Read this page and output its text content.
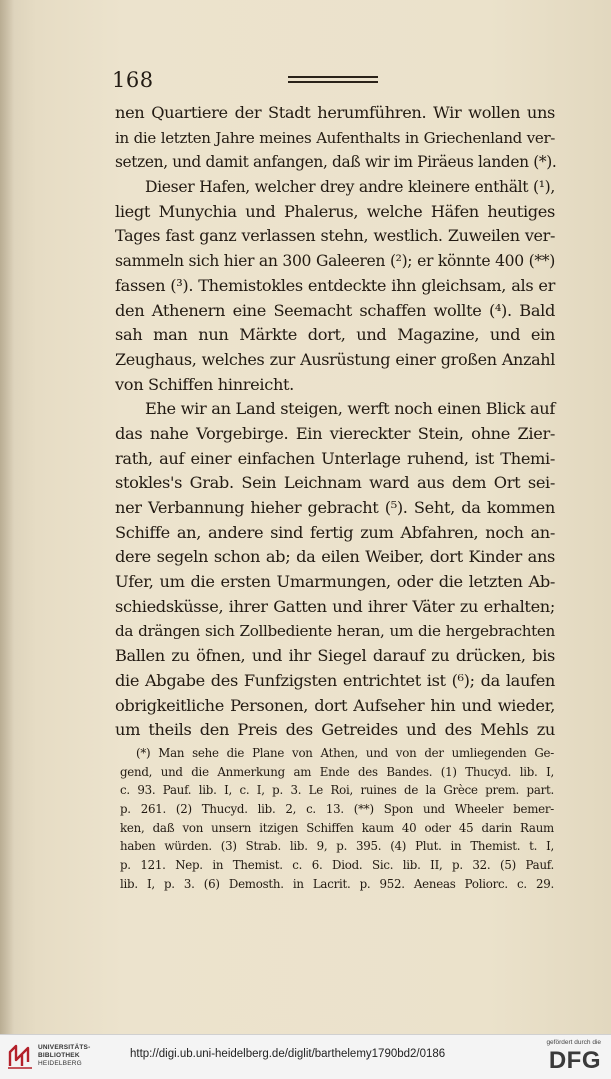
168
nen Quartiere der Stadt herumführen. Wir wollen uns
in die letzten Jahre meines Aufenthalts in Griechenland ver-
setzen, und damit anfangen, daß wir im Piräeus landen (*).
Dieser Hafen, welcher drey andre kleinere enthält (¹),
liegt Munychia und Phalerus, welche Häfen heutiges
Tages fast ganz verlassen stehn, westlich. Zuweilen ver-
sammeln sich hier an 300 Galeeren (²); er könnte 400 (**)
fassen (³). Themistokles entdeckte ihn gleichsam, als er
den Athenern eine Seemacht schaffen wollte (⁴). Bald
sah man nun Märkte dort, und Magazine, und ein
Zeughaus, welches zur Ausrüstung einer großen Anzahl
von Schiffen hinreicht.
Ehe wir an Land steigen, werft noch einen Blick auf
das nahe Vorgebirge. Ein viereckter Stein, ohne Zier-
rath, auf einer einfachen Unterlage ruhend, ist Themi-
stokles's Grab. Sein Leichnam ward aus dem Ort sei-
ner Verbannung hieher gebracht (⁵). Seht, da kommen
Schiffe an, andere sind fertig zum Abfahren, noch an-
dere segeln schon ab; da eilen Weiber, dort Kinder ans
Ufer, um die ersten Umarmungen, oder die letzten Ab-
schiedsküsse, ihrer Gatten und ihrer Väter zu erhalten;
da drängen sich Zollbediente heran, um die hergebrachten
Ballen zu öfnen, und ihr Siegel darauf zu drücken, bis
die Abgabe des Funfzigsten entrichtet ist (⁶); da laufen
obrigkeitliche Personen, dort Aufseher hin und wieder,
um theils den Preis des Getreides und des Mehls zu
(*) Man sehe die Plane von Athen, und von der umliegenden Ge-
gend, und die Anmerkung am Ende des Bandes. (1) Thucyd. lib. I,
c. 93. Pauf. lib. I, c. I, p. 3. Le Roi, ruines de la Grèce prem. part.
p. 261. (2) Thucyd. lib. 2, c. 13. (**) Spon und Wheeler bemer-
ken, daß von unsern itzigen Schiffen kaum 40 oder 45 darin Raum
haben würden. (3) Strab. lib. 9, p. 395. (4) Plut. in Themist. t. I,
p. 121. Nep. in Themist. c. 6. Diod. Sic. lib. II, p. 32. (5) Pauf.
lib. I, p. 3. (6) Demosth. in Lacrit. p. 952. Aeneas Poliorc. c. 29.
UNIVERSITÄTS-
BIBLIOTHEK
HEIDELBERG
http://digi.ub.uni-heidelberg.de/diglit/barthelemy1790bd2/0186
gefördert durch die
DFG
